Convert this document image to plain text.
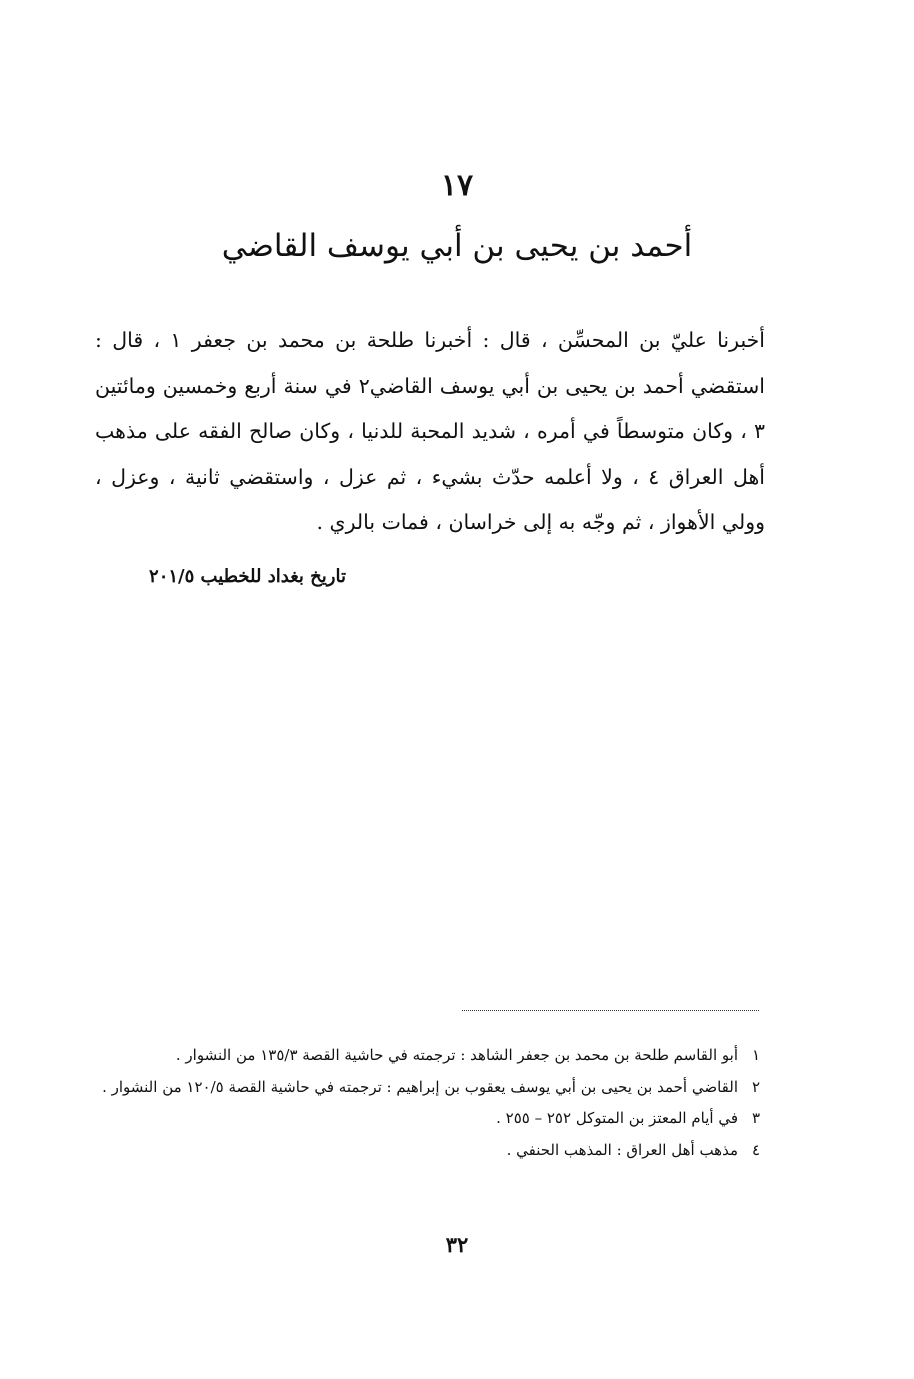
١٧
أحمد بن يحيى بن أبي يوسف القاضي

أخبرنا عليّ بن المحسِّن ، قال : أخبرنا طلحة بن محمد بن جعفر ١ ، قال : استقضي أحمد بن يحيى بن أبي يوسف القاضي٢ في سنة أربع وخمسين ومائتين ٣ ، وكان متوسطاً في أمره ، شديد المحبة للدنيا ، وكان صالح الفقه على مذهب أهل العراق ٤ ، ولا أعلمه حدّث بشيء ، ثم عزل ، واستقضي ثانية ، وعزل ، وولي الأهواز ، ثم وجّه به إلى خراسان ، فمات بالري .

تاريخ بغداد للخطيب ٢٠١/٥
١
أبو القاسم طلحة بن محمد بن جعفر الشاهد : ترجمته في حاشية القصة ١٣٥/٣ من النشوار .
٢
القاضي أحمد بن يحيى بن أبي يوسف يعقوب بن إبراهيم : ترجمته في حاشية القصة ١٢٠/٥ من النشوار .
٣
في أيام المعتز بن المتوكل ٢٥٢ – ٢٥٥ .
٤
مذهب أهل العراق : المذهب الحنفي .
٣٢
